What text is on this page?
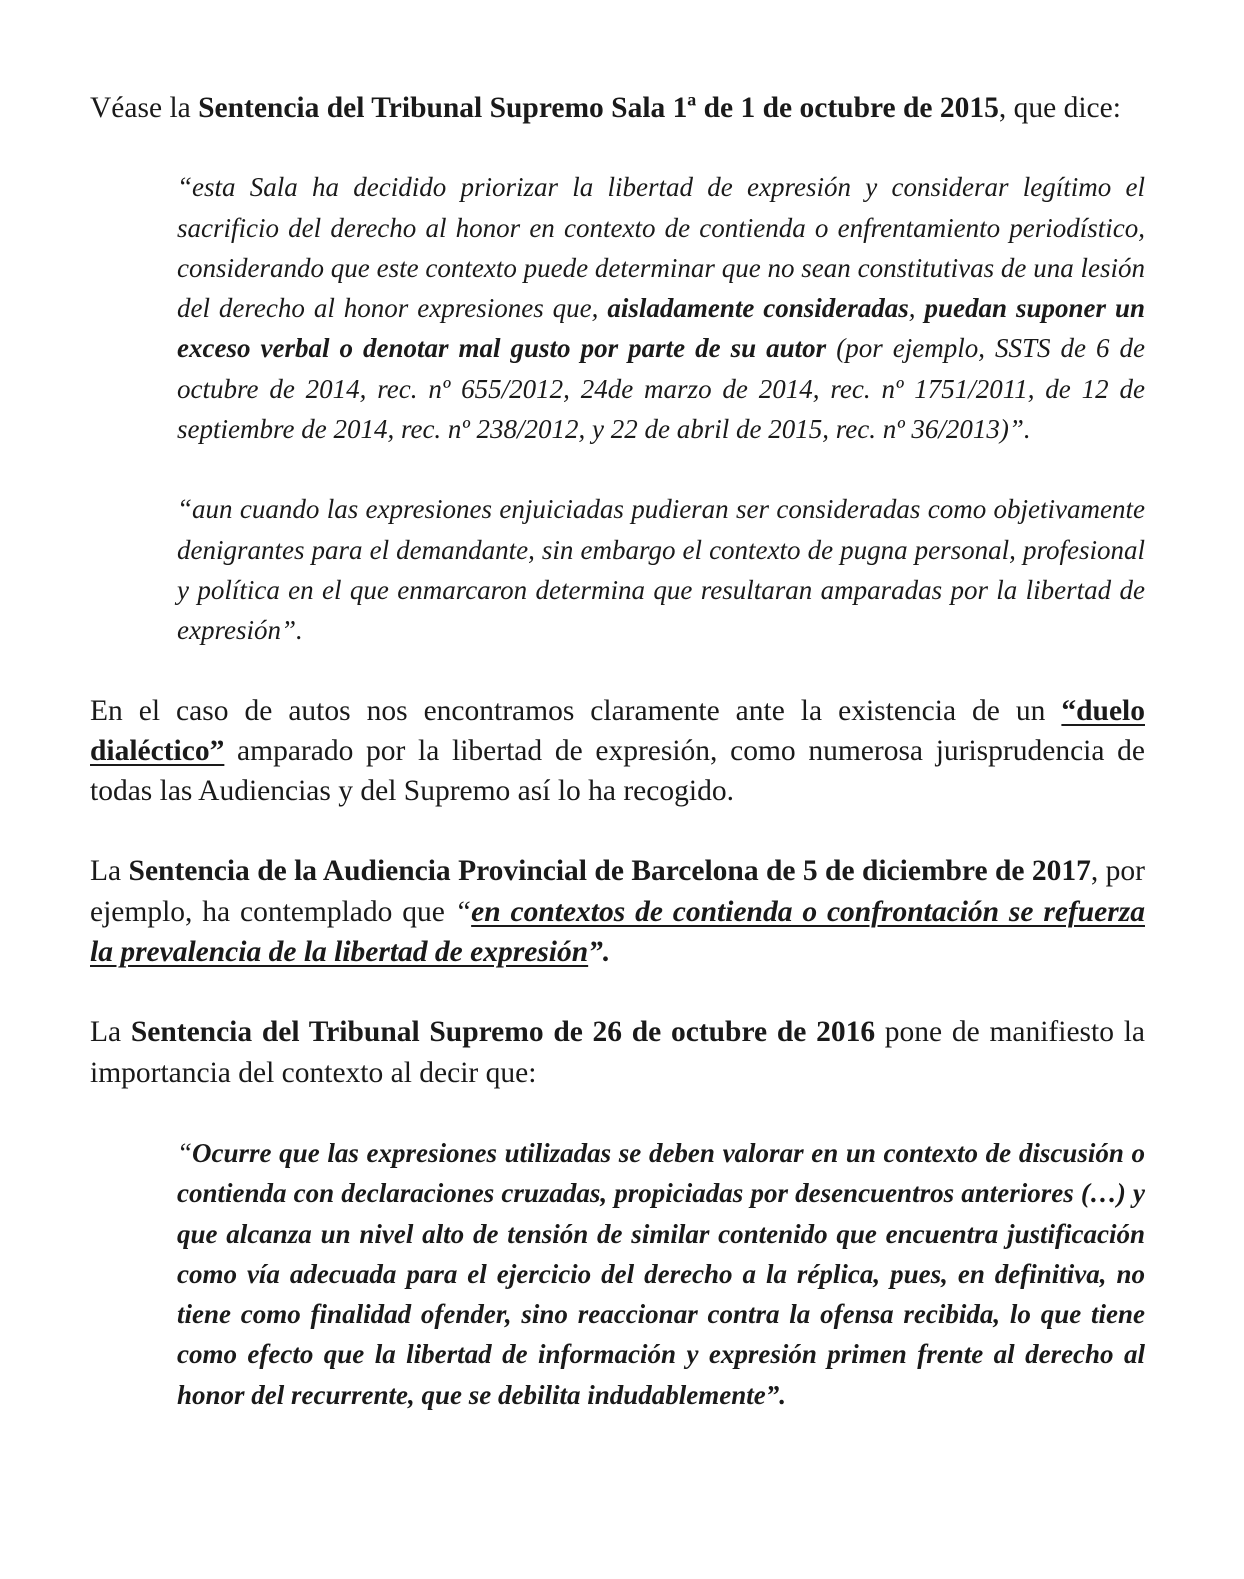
Véase la Sentencia del Tribunal Supremo Sala 1ª de 1 de octubre de 2015, que dice:

“esta Sala ha decidido priorizar la libertad de expresión y considerar legítimo el sacrificio del derecho al honor en contexto de contienda o enfrentamiento periodístico, considerando que este contexto puede determinar que no sean constitutivas de una lesión del derecho al honor expresiones que, aisladamente consideradas, puedan suponer un exceso verbal o denotar mal gusto por parte de su autor (por ejemplo, SSTS de 6 de octubre de 2014, rec. nº 655/2012, 24de marzo de 2014, rec. nº 1751/2011, de 12 de septiembre de 2014, rec. nº 238/2012, y 22 de abril de 2015, rec. nº 36/2013)”.

“aun cuando las expresiones enjuiciadas pudieran ser consideradas como objetivamente denigrantes para el demandante, sin embargo el contexto de pugna personal, profesional y política en el que enmarcaron determina que resultaran amparadas por la libertad de expresión”.

En el caso de autos nos encontramos claramente ante la existencia de un “duelo dialéctico” amparado por la libertad de expresión, como numerosa jurisprudencia de todas las Audiencias y del Supremo así lo ha recogido.

La Sentencia de la Audiencia Provincial de Barcelona de 5 de diciembre de 2017, por ejemplo, ha contemplado que “en contextos de contienda o confrontación se refuerza la prevalencia de la libertad de expresión”.

La Sentencia del Tribunal Supremo de 26 de octubre de 2016 pone de manifiesto la importancia del contexto al decir que:

“Ocurre que las expresiones utilizadas se deben valorar en un contexto de discusión o contienda con declaraciones cruzadas, propiciadas por desencuentros anteriores (…) y que alcanza un nivel alto de tensión de similar contenido que encuentra justificación como vía adecuada para el ejercicio del derecho a la réplica, pues, en definitiva, no tiene como finalidad ofender, sino reaccionar contra la ofensa recibida, lo que tiene como efecto que la libertad de información y expresión primen frente al derecho al honor del recurrente, que se debilita indudablemente”.
